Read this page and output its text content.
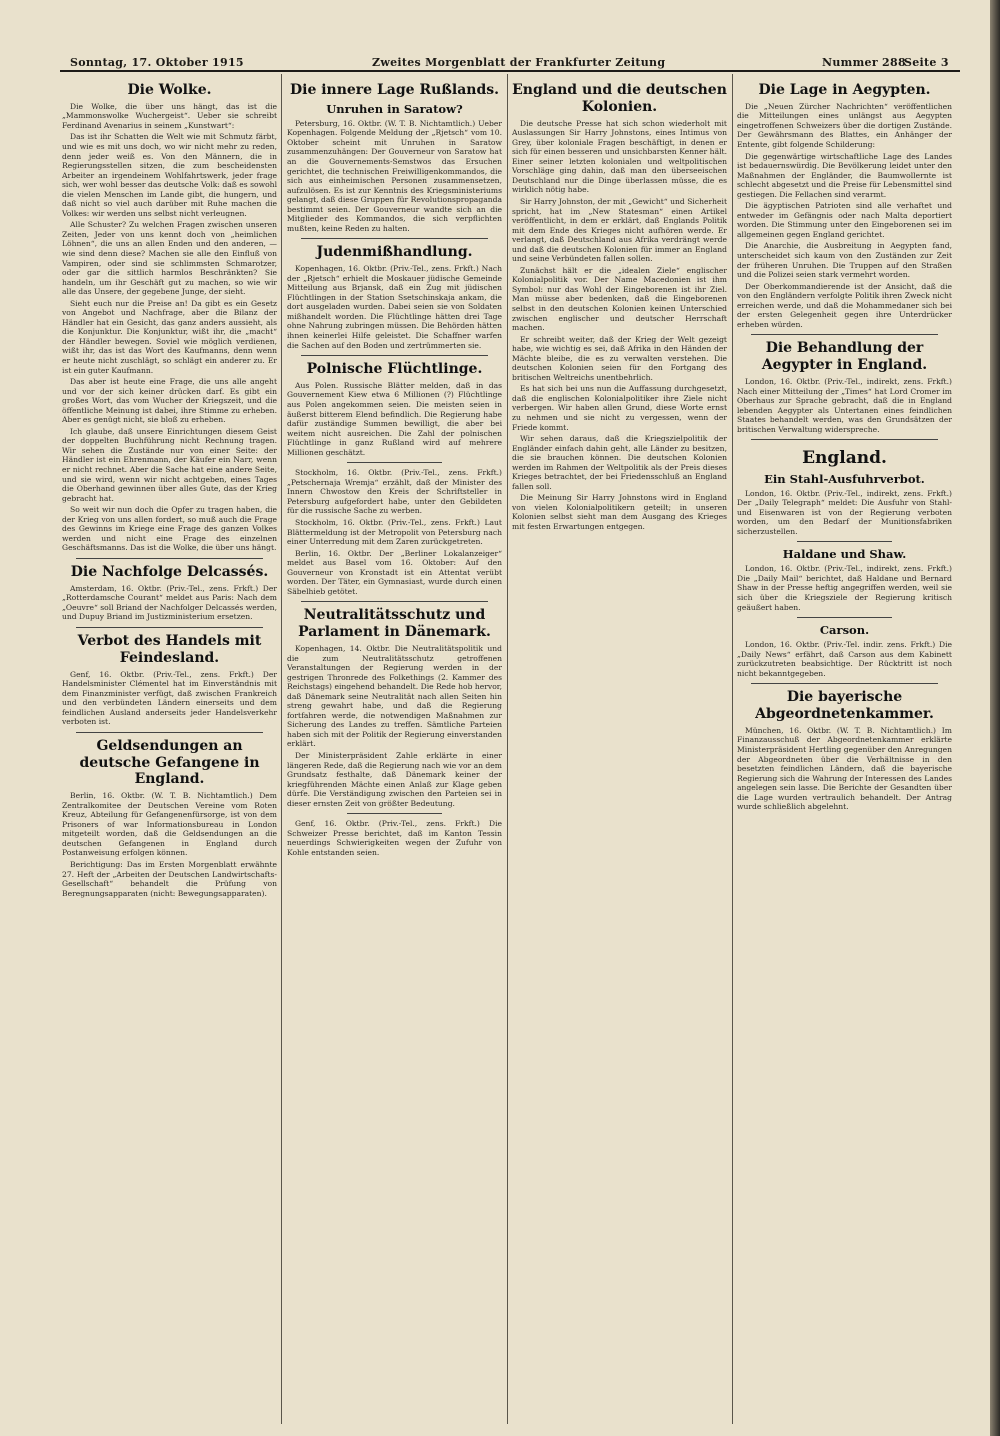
Sonntag, 17. Oktober 1915	Zweites Morgenblatt der Frankfurter Zeitung	Nummer 288
Seite 3
Die Wolke.

Die Wolke, die über uns hängt, das ist die „Mammonswolke Wuchergeist“. Ueber sie schreibt Ferdinand Avenarius in seinem „Kunstwart“:

Das ist ihr Schatten die Welt wie mit Schmutz färbt, und wie es mit uns doch, wo wir nicht mehr zu reden, denn jeder weiß es. Von den Männern, die in Regierungsstellen sitzen, die zum bescheidensten Arbeiter an irgendeinem Wohlfahrtswerk, jeder frage sich, wer wohl besser das deutsche Volk: daß es sowohl die vielen Menschen im Lande gibt, die hungern, und daß nicht so viel auch darüber mit Ruhe machen die Volkes: wir werden uns selbst nicht verleugnen.

Alle Schuster? Zu welchen Fragen zwischen unseren Zeiten, Jeder von uns kennt doch von „heimlichen Löhnen“, die uns an allen Enden und den anderen, — wie sind denn diese? Machen sie alle den Einfluß von Vampiren, oder sind sie schlimmsten Schmarotzer, oder gar die sittlich harmlos Beschränkten? Sie handeln, um ihr Geschäft gut zu machen, so wie wir alle das Unsere, der gegebene Junge, der sieht.

Sieht euch nur die Preise an! Da gibt es ein Gesetz von Angebot und Nachfrage, aber die Bilanz der Händler hat ein Gesicht, das ganz anders aussieht, als die Konjunktur. Die Konjunktur, wißt ihr, die „macht“ der Händler bewegen. Soviel wie möglich verdienen, wißt ihr, das ist das Wort des Kaufmanns, denn wenn er heute nicht zuschlägt, so schlägt ein anderer zu. Er ist ein guter Kaufmann.

Das aber ist heute eine Frage, die uns alle angeht und vor der sich keiner drücken darf. Es gibt ein großes Wort, das vom Wucher der Kriegszeit, und die öffentliche Meinung ist dabei, ihre Stimme zu erheben. Aber es genügt nicht, sie bloß zu erheben.

Ich glaube, daß unsere Einrichtungen diesem Geist der doppelten Buchführung nicht Rechnung tragen. Wir sehen die Zustände nur von einer Seite: der Händler ist ein Ehrenmann, der Käufer ein Narr, wenn er nicht rechnet. Aber die Sache hat eine andere Seite, und sie wird, wenn wir nicht achtgeben, eines Tages die Oberhand gewinnen über alles Gute, das der Krieg gebracht hat.

So weit wir nun doch die Opfer zu tragen haben, die der Krieg von uns allen fordert, so muß auch die Frage des Gewinns im Kriege eine Frage des ganzen Volkes werden und nicht eine Frage des einzelnen Geschäftsmanns. Das ist die Wolke, die über uns hängt.

Die Nachfolge Delcassés.

Amsterdam, 16. Oktbr. (Priv.-Tel., zens. Frkft.) Der „Rotterdamsche Courant“ meldet aus Paris: Nach dem „Oeuvre“ soll Briand der Nachfolger Delcassés werden, und Dupuy Briand im Justizministerium ersetzen.

Verbot des Handels mit Feindesland.

Genf, 16. Oktbr. (Priv.-Tel., zens. Frkft.) Der Handelsminister Clémentel hat im Einverständnis mit dem Finanzminister verfügt, daß zwischen Frankreich und den verbündeten Ländern einerseits und dem feindlichen Ausland anderseits jeder Handelsverkehr verboten ist.

Geldsendungen an deutsche Gefangene in England.

Berlin, 16. Oktbr. (W. T. B. Nichtamtlich.) Dem Zentralkomitee der Deutschen Vereine vom Roten Kreuz, Abteilung für Gefangenenfürsorge, ist von dem Prisoners of war Informationsbureau in London mitgeteilt worden, daß die Geldsendungen an die deutschen Gefangenen in England durch Postanweisung erfolgen können.

Berichtigung: Das im Ersten Morgenblatt erwähnte 27. Heft der „Arbeiten der Deutschen Landwirtschafts-Gesellschaft“ behandelt die Prüfung von Beregnungsapparaten (nicht: Bewegungsapparaten).

Die innere Lage Rußlands.
Unruhen in Saratow?

Petersburg, 16. Oktbr. (W. T. B. Nichtamtlich.) Ueber Kopenhagen. Folgende Meldung der „Rjetsch“ vom 10. Oktober scheint mit Unruhen in Saratow zusammenzuhängen: Der Gouverneur von Saratow hat an die Gouvernements-Semstwos das Ersuchen gerichtet, die technischen Freiwilligenkommandos, die sich aus einheimischen Personen zusammensetzen, aufzulösen. Es ist zur Kenntnis des Kriegsministeriums gelangt, daß diese Gruppen für Revolutionspropaganda bestimmt seien. Der Gouverneur wandte sich an die Mitglieder des Kommandos, die sich verpflichten mußten, keine Reden zu halten.

Judenmißhandlung.

Kopenhagen, 16. Oktbr. (Priv.-Tel., zens. Frkft.) Nach der „Rjetsch“ erhielt die Moskauer jüdische Gemeinde Mitteilung aus Brjansk, daß ein Zug mit jüdischen Flüchtlingen in der Station Ssetschinskaja ankam, die dort ausgeladen wurden. Dabei seien sie von Soldaten mißhandelt worden. Die Flüchtlinge hätten drei Tage ohne Nahrung zubringen müssen. Die Behörden hätten ihnen keinerlei Hilfe geleistet. Die Schaffner warfen die Sachen auf den Boden und zertrümmerten sie.

Polnische Flüchtlinge.

Aus Polen. Russische Blätter melden, daß in das Gouvernement Kiew etwa 6 Millionen (?) Flüchtlinge aus Polen angekommen seien. Die meisten seien in äußerst bitterem Elend befindlich. Die Regierung habe dafür zuständige Summen bewilligt, die aber bei weitem nicht ausreichen. Die Zahl der polnischen Flüchtlinge in ganz Rußland wird auf mehrere Millionen geschätzt.

Stockholm, 16. Oktbr. (Priv.-Tel., zens. Frkft.) „Petschernaja Wremja“ erzählt, daß der Minister des Innern Chwostow den Kreis der Schriftsteller in Petersburg aufgefordert habe, unter den Gebildeten für die russische Sache zu werben.

Stockholm, 16. Oktbr. (Priv.-Tel., zens. Frkft.) Laut Blättermeldung ist der Metropolit von Petersburg nach einer Unterredung mit dem Zaren zurückgetreten.

Berlin, 16. Oktbr. Der „Berliner Lokalanzeiger“ meldet aus Basel vom 16. Oktober: Auf den Gouverneur von Kronstadt ist ein Attentat verübt worden. Der Täter, ein Gymnasiast, wurde durch einen Säbelhieb getötet.

Neutralitätsschutz und Parlament in Dänemark.

Kopenhagen, 14. Oktbr. Die Neutralitätspolitik und die zum Neutralitätsschutz getroffenen Veranstaltungen der Regierung werden in der gestrigen Thronrede des Folkethings (2. Kammer des Reichstags) eingehend behandelt. Die Rede hob hervor, daß Dänemark seine Neutralität nach allen Seiten hin streng gewahrt habe, und daß die Regierung fortfahren werde, die notwendigen Maßnahmen zur Sicherung des Landes zu treffen. Sämtliche Parteien haben sich mit der Politik der Regierung einverstanden erklärt.

Der Ministerpräsident Zahle erklärte in einer längeren Rede, daß die Regierung nach wie vor an dem Grundsatz festhalte, daß Dänemark keiner der kriegführenden Mächte einen Anlaß zur Klage geben dürfe. Die Verständigung zwischen den Parteien sei in dieser ernsten Zeit von größter Bedeutung.

Genf, 16. Oktbr. (Priv.-Tel., zens. Frkft.) Die Schweizer Presse berichtet, daß im Kanton Tessin neuerdings Schwierigkeiten wegen der Zufuhr von Kohle entstanden seien.

England und die deutschen Kolonien.

Die deutsche Presse hat sich schon wiederholt mit Auslassungen Sir Harry Johnstons, eines Intimus von Grey, über koloniale Fragen beschäftigt, in denen er sich für einen besseren und unsichbarsten Kenner hält. Einer seiner letzten kolonialen und weltpolitischen Vorschläge ging dahin, daß man den überseeischen Deutschland nur die Dinge überlassen müsse, die es wirklich nötig habe.

Sir Harry Johnston, der mit „Gewicht“ und Sicherheit spricht, hat im „New Statesman“ einen Artikel veröffentlicht, in dem er erklärt, daß Englands Politik mit dem Ende des Krieges nicht aufhören werde. Er verlangt, daß Deutschland aus Afrika verdrängt werde und daß die deutschen Kolonien für immer an England und seine Verbündeten fallen sollen.

Zunächst hält er die „idealen Ziele“ englischer Kolonialpolitik vor. Der Name Macedonien ist ihm Symbol: nur das Wohl der Eingeborenen ist ihr Ziel. Man müsse aber bedenken, daß die Eingeborenen selbst in den deutschen Kolonien keinen Unterschied zwischen englischer und deutscher Herrschaft machen.

Er schreibt weiter, daß der Krieg der Welt gezeigt habe, wie wichtig es sei, daß Afrika in den Händen der Mächte bleibe, die es zu verwalten verstehen. Die deutschen Kolonien seien für den Fortgang des britischen Weltreichs unentbehrlich.

Es hat sich bei uns nun die Auffassung durchgesetzt, daß die englischen Kolonialpolitiker ihre Ziele nicht verbergen. Wir haben allen Grund, diese Worte ernst zu nehmen und sie nicht zu vergessen, wenn der Friede kommt.

Wir sehen daraus, daß die Kriegszielpolitik der Engländer einfach dahin geht, alle Länder zu besitzen, die sie brauchen können. Die deutschen Kolonien werden im Rahmen der Weltpolitik als der Preis dieses Krieges betrachtet, der bei Friedensschluß an England fallen soll.

Die Meinung Sir Harry Johnstons wird in England von vielen Kolonialpolitikern geteilt; in unseren Kolonien selbst sieht man dem Ausgang des Krieges mit festen Erwartungen entgegen.

Die Lage in Aegypten.

Die „Neuen Zürcher Nachrichten“ veröffentlichen die Mitteilungen eines unlängst aus Aegypten eingetroffenen Schweizers über die dortigen Zustände. Der Gewährsmann des Blattes, ein Anhänger der Entente, gibt folgende Schilderung:

Die gegenwärtige wirtschaftliche Lage des Landes ist bedauernswürdig. Die Bevölkerung leidet unter den Maßnahmen der Engländer, die Baumwollernte ist schlecht abgesetzt und die Preise für Lebensmittel sind gestiegen. Die Fellachen sind verarmt.

Die ägyptischen Patrioten sind alle verhaftet und entweder im Gefängnis oder nach Malta deportiert worden. Die Stimmung unter den Eingeborenen sei im allgemeinen gegen England gerichtet.

Die Anarchie, die Ausbreitung in Aegypten fand, unterscheidet sich kaum von den Zuständen zur Zeit der früheren Unruhen. Die Truppen auf den Straßen und die Polizei seien stark vermehrt worden.

Der Oberkommandierende ist der Ansicht, daß die von den Engländern verfolgte Politik ihren Zweck nicht erreichen werde, und daß die Mohammedaner sich bei der ersten Gelegenheit gegen ihre Unterdrücker erheben würden.

Die Behandlung der Aegypter in England.

London, 16. Oktbr. (Priv.-Tel., indirekt, zens. Frkft.) Nach einer Mitteilung der „Times“ hat Lord Cromer im Oberhaus zur Sprache gebracht, daß die in England lebenden Aegypter als Untertanen eines feindlichen Staates behandelt werden, was den Grundsätzen der britischen Verwaltung widerspreche.

England.
Ein Stahl-Ausfuhrverbot.

London, 16. Oktbr. (Priv.-Tel., indirekt, zens. Frkft.) Der „Daily Telegraph“ meldet: Die Ausfuhr von Stahl- und Eisenwaren ist von der Regierung verboten worden, um den Bedarf der Munitionsfabriken sicherzustellen.

Haldane und Shaw.

London, 16. Oktbr. (Priv.-Tel., indirekt, zens. Frkft.) Die „Daily Mail“ berichtet, daß Haldane und Bernard Shaw in der Presse heftig angegriffen werden, weil sie sich über die Kriegsziele der Regierung kritisch geäußert haben.

Carson.

London, 16. Oktbr. (Priv.-Tel. indir. zens. Frkft.) Die „Daily News“ erfährt, daß Carson aus dem Kabinett zurückzutreten beabsichtige. Der Rücktritt ist noch nicht bekanntgegeben.

Die bayerische Abgeordnetenkammer.

München, 16. Oktbr. (W. T. B. Nichtamtlich.) Im Finanzausschuß der Abgeordnetenkammer erklärte Ministerpräsident Hertling gegenüber den Anregungen der Abgeordneten über die Verhältnisse in den besetzten feindlichen Ländern, daß die bayerische Regierung sich die Wahrung der Interessen des Landes angelegen sein lasse. Die Berichte der Gesandten über die Lage wurden vertraulich behandelt. Der Antrag wurde schließlich abgelehnt.
